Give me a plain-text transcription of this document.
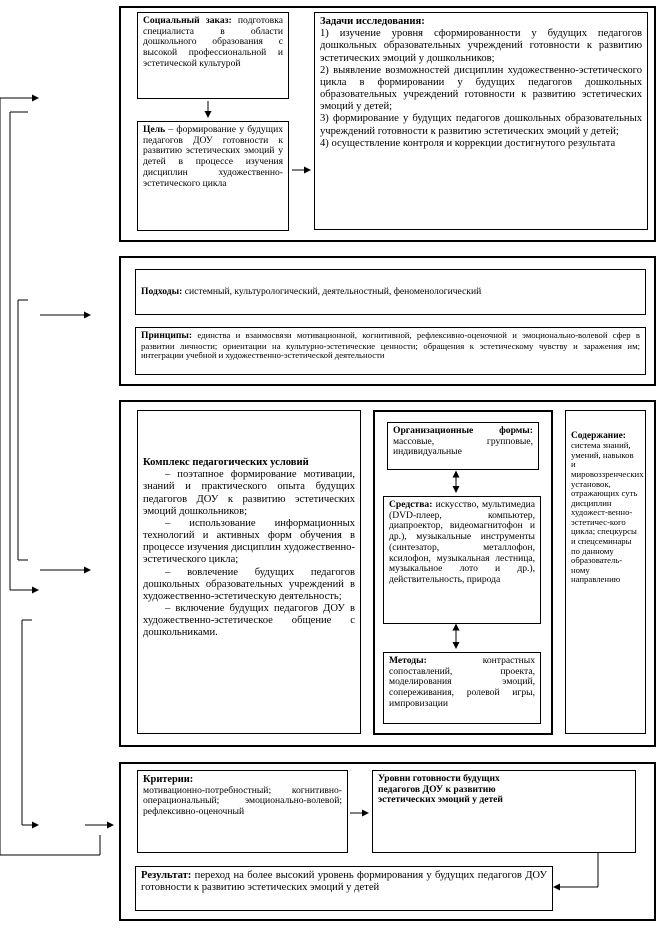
Социальный заказ: подготовка специалиста в области дошкольного образования с высокой профессиональной и эстетической культурой
Цель – формирование у будущих педагогов ДОУ готовности к развитию эстетических эмоций у детей в процессе изучения дисциплин художественно-эстетического цикла
Задачи исследования:
1) изучение уровня сформированности у будущих педагогов дошкольных образовательных учреждений готовности к развитию эстетических эмоций у дошкольников;
2) выявление возможностей дисциплин художественно-эстетического цикла в формировании у будущих педагогов дошкольных образовательных учреждений готовности к развитию эстетических эмоций у детей;
3) формирование у будущих педагогов дошкольных образовательных учреждений готовности к развитию эстетических эмоций у детей;
4) осуществление контроля и коррекции достигнутого результата
Подходы: системный, культурологический, деятельностный, феноменологический
Принципы: единства и взаимосвязи мотивационной, когнитивной, рефлексивно-оценочной и эмоционально-волевой сфер в развитии личности; ориентации на культурно-эстетические ценности; обращения к эстетическому чувству и заражения им; интеграции учебной и художественно-эстетической деятельности
Комплекс педагогических условий
– поэтапное формирование мотивации, знаний и практического опыта будущих педагогов ДОУ к развитию эстетических эмоций дошкольников;
– использование информационных технологий и активных форм обучения в процессе изучения дисциплин художественно-эстетического цикла;
– вовлечение будущих педагогов дошкольных образовательных учреждений в художественно-эстетическую деятельность;
– включение будущих педагогов ДОУ в художественно-эстетическое общение с дошкольниками.
Организационные формы: массовые, групповые, индивидуальные
Средства: искусство, мультимедиа (DVD-плеер, компьютер, диапроектор, видеомагнитофон и др.), музыкальные инструменты (синтезатор, металлофон, ксилофон, музыкальная лестница, музыкальное лото и др.), действительность, природа
Методы: контрастных сопоставлений, проекта, моделирования эмоций, сопереживания, ролевой игры, импровизации
Содержание: система знаний, умений, навыков и мировоззренческих установок, отражающих суть дисциплин художест-венно-эстетичес-кого цикла; спецкурсы и спецсеминары по данному образователь-ному направлению
Критерии:
мотивационно-потребностный; когнитивно-операциональный; эмоционально-волевой; рефлексивно-оценочный
Уровни готовности будущих педагогов ДОУ к развитию эстетических эмоций у детей
Результат: переход на более высокий уровень формирования у будущих педагогов ДОУ готовности к развитию эстетических эмоций у детей
